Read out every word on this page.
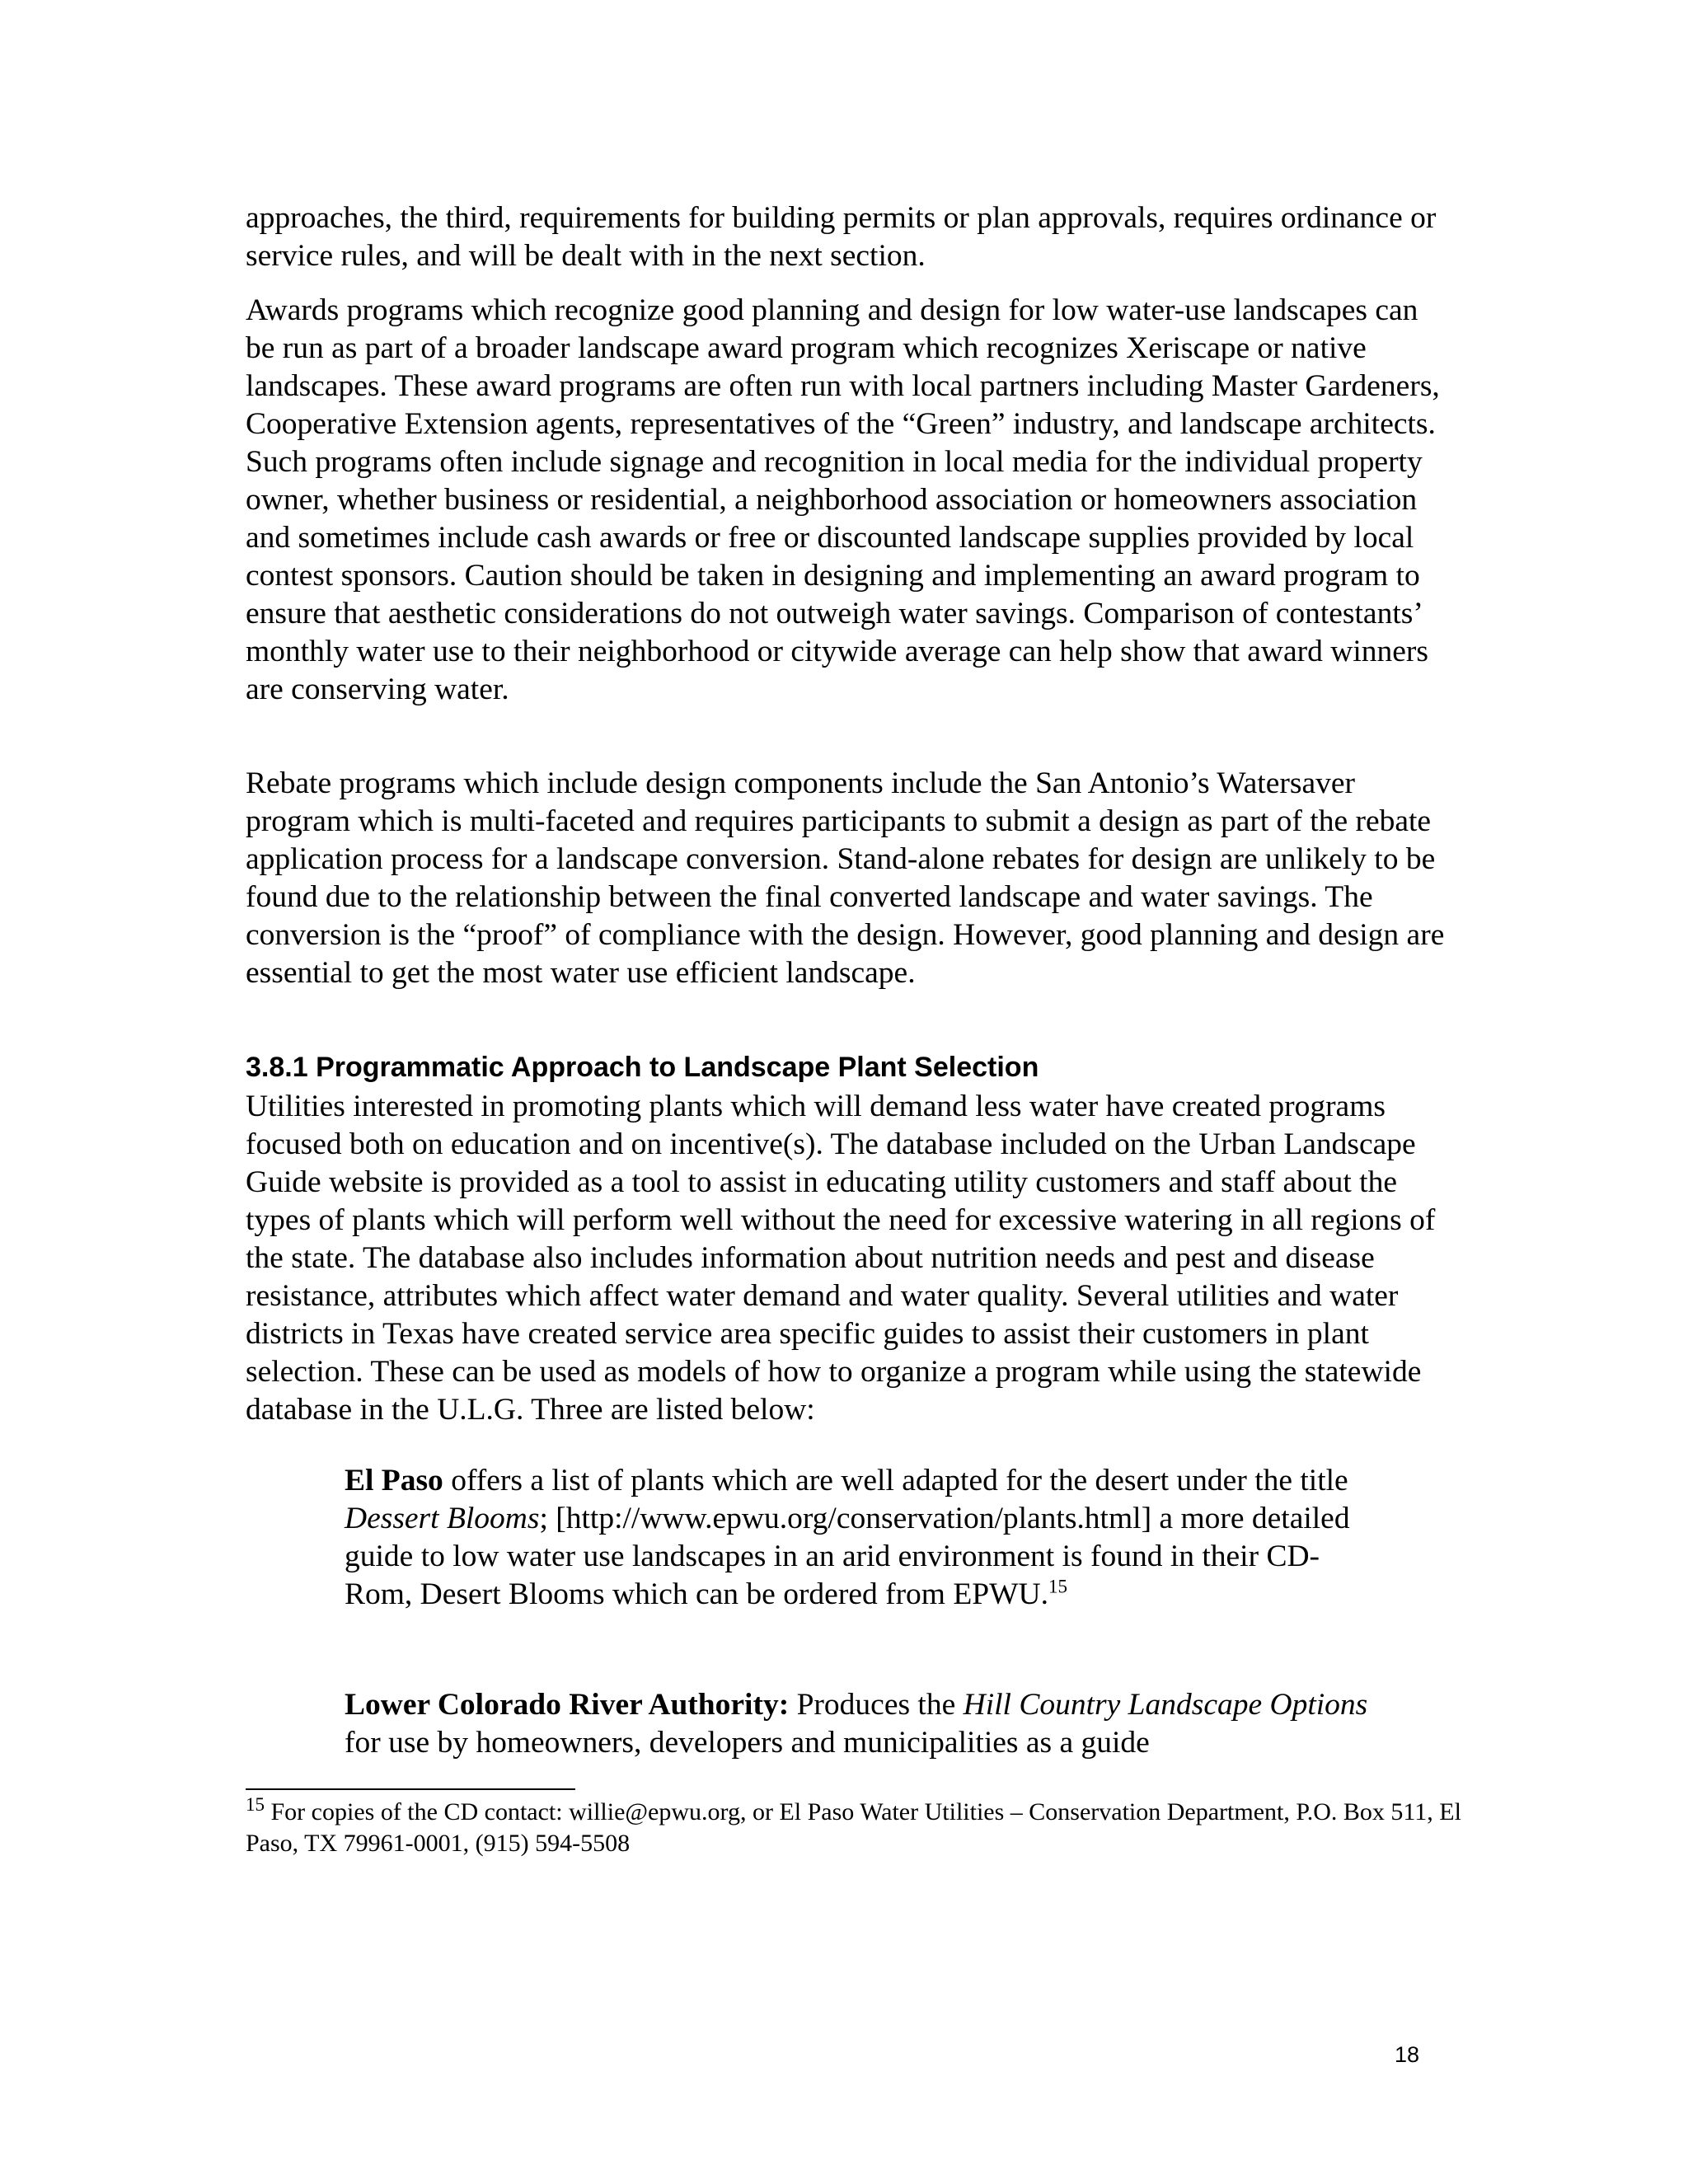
approaches, the third, requirements for building permits or plan approvals, requires ordinance or service rules, and will be dealt with in the next section.

Awards programs which recognize good planning and design for low water-use landscapes can be run as part of a broader landscape award program which recognizes Xeriscape or native landscapes. These award programs are often run with local partners including Master Gardeners, Cooperative Extension agents, representatives of the “Green” industry, and landscape architects. Such programs often include signage and recognition in local media for the individual property owner, whether business or residential, a neighborhood association or homeowners association and sometimes include cash awards or free or discounted landscape supplies provided by local contest sponsors. Caution should be taken in designing and implementing an award program to ensure that aesthetic considerations do not outweigh water savings. Comparison of contestants’ monthly water use to their neighborhood or citywide average can help show that award winners are conserving water.

Rebate programs which include design components include the San Antonio’s Watersaver program which is multi-faceted and requires participants to submit a design as part of the rebate application process for a landscape conversion. Stand-alone rebates for design are unlikely to be found due to the relationship between the final converted landscape and water savings. The conversion is the “proof” of compliance with the design. However, good planning and design are essential to get the most water use efficient landscape.

3.8.1 Programmatic Approach to Landscape Plant Selection

Utilities interested in promoting plants which will demand less water have created programs focused both on education and on incentive(s). The database included on the Urban Landscape Guide website is provided as a tool to assist in educating utility customers and staff about the types of plants which will perform well without the need for excessive watering in all regions of the state. The database also includes information about nutrition needs and pest and disease resistance, attributes which affect water demand and water quality. Several utilities and water districts in Texas have created service area specific guides to assist their customers in plant selection. These can be used as models of how to organize a program while using the statewide database in the U.L.G. Three are listed below:

El Paso offers a list of plants which are well adapted for the desert under the title Dessert Blooms; [http://www.epwu.org/conservation/plants.html] a more detailed guide to low water use landscapes in an arid environment is found in their CD-Rom, Desert Blooms which can be ordered from EPWU.$^{15}$
Lower Colorado River Authority: Produces the Hill Country Landscape Options for use by homeowners, developers and municipalities as a guide
$^{15}$ For copies of the CD contact: willie@epwu.org, or El Paso Water Utilities – Conservation Department, P.O. Box 511, El Paso, TX 79961-0001, (915) 594-5508
18
